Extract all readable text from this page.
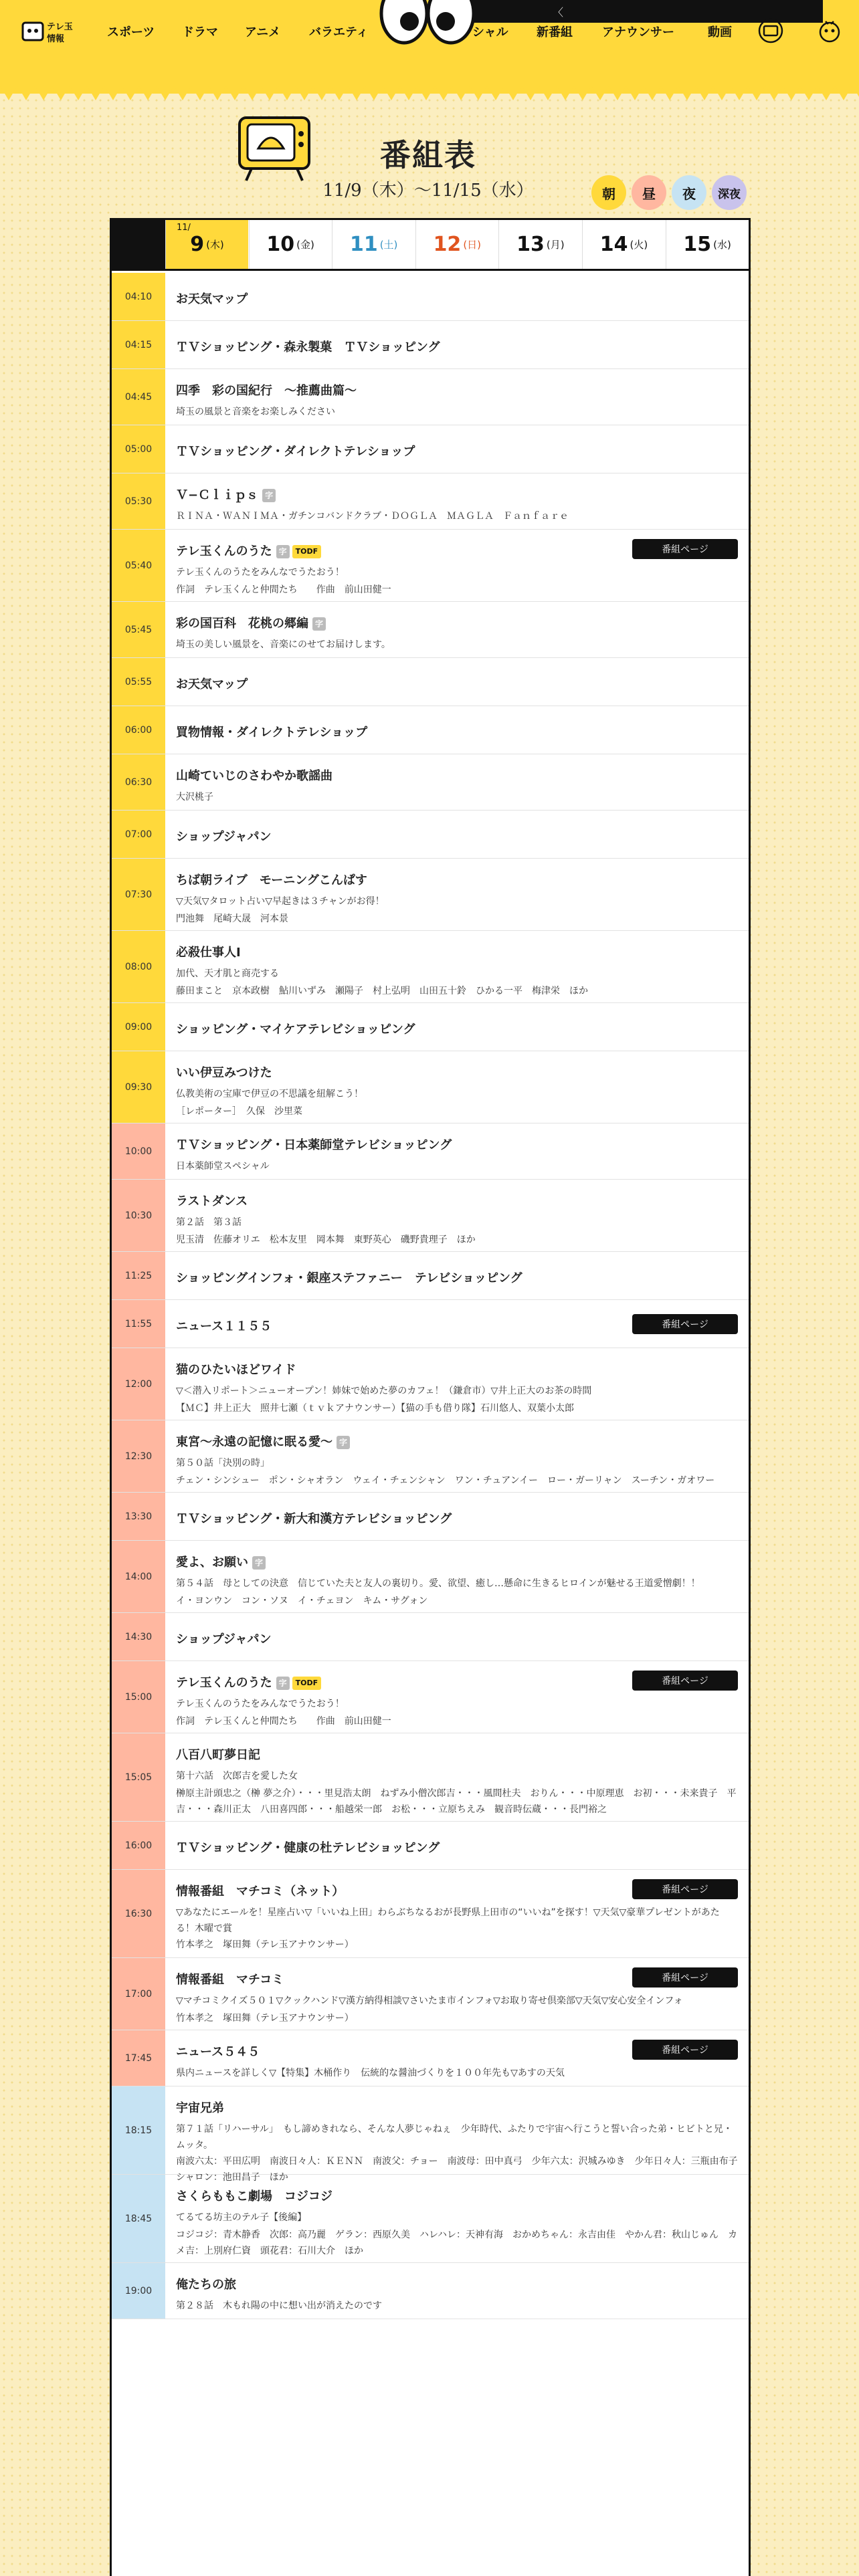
テレ玉
情報	スポーツ ドラマ アニメ バラエティ	シャル 新番組 アナウンサー	動画
〈
番組表
11/9（木）〜11/15（水）	朝	昼	夜	深夜
11/
9 (木) 10 (金) 11 (土) 12 (日) 13 (月) 14 (火) 15 (水)
04:10	お天気マップ
04:15	ＴＶショッピング・森永製菓　ＴＶショッピング
04:45	四季　彩の国紀行　〜推薦曲篇〜
埼玉の風景と音楽をお楽しみください
05:00	ＴＶショッピング・ダイレクトテレショップ
05:30	Ｖ−Ｃｌｉｐｓ 字
ＲＩＮＡ・ＷＡＮＩＭＡ・ガチンコバンドクラブ・ＤＯＧＬＡ　ＭＡＧＬＡ　Ｆａｎｆａｒｅ
05:40
テレ玉くんのうた 字 TODF	番組ページ
テレ玉くんのうたをみんなでうたおう！
作詞　テレ玉くんと仲間たち　　作曲　前山田健一
05:45	彩の国百科　花桃の郷編 字
埼玉の美しい風景を、音楽にのせてお届けします。
05:55	お天気マップ
06:00	買物情報・ダイレクトテレショップ
06:30	山崎ていじのさわやか歌謡曲
大沢桃子
07:00	ショップジャパン
07:30
ちば朝ライブ　モーニングこんぱす
▽天気▽タロット占い▽早起きは３チャンがお得！
門池舞　尾崎大晟　河本景
08:00
必殺仕事人Ⅰ
加代、天才肌と商売する
藤田まこと　京本政樹　鮎川いずみ　瀬陽子　村上弘明　山田五十鈴　ひかる一平　梅津栄　ほか
09:00	ショッピング・マイケアテレビショッピング
09:30
いい伊豆みつけた
仏教美術の宝庫で伊豆の不思議を紐解こう！
［レポーター］　久保　沙里菜
10:00	ＴＶショッピング・日本薬師堂テレビショッピング
日本薬師堂スペシャル
10:30
ラストダンス
第２話　第３話
児玉清　佐藤オリエ　松本友里　岡本舞　東野英心　磯野貴理子　ほか
11:25	ショッピングインフォ・銀座ステファニー　テレビショッピング
11:55	ニュース１１５５	番組ページ
12:00
猫のひたいほどワイド
▽＜潜入リポート＞ニューオープン！姉妹で始めた夢のカフェ！（鎌倉市）▽井上正大のお茶の時間
【ＭＣ】井上正大　照井七瀬（ｔｖｋアナウンサー）【猫の手も借り隊】石川悠人、双葉小太郎
12:30
東宮〜永遠の記憶に眠る愛〜 字
第５０話「決別の時」
チェン・シンシュー　ポン・シャオラン　ウェイ・チェンシャン　ワン・チュアンイー　ロー・ガーリャン　スーチン・ガオワー
13:30	ＴＶショッピング・新大和漢方テレビショッピング
14:00
愛よ、お願い 字
第５４話　母としての決意　信じていた夫と友人の裏切り。愛、欲望、癒し…懸命に生きるヒロインが魅せる王道愛憎劇！！
イ・ヨンウン　コン・ソヌ　イ・チェヨン　キム・サグォン
14:30	ショップジャパン
15:00
テレ玉くんのうた 字 TODF	番組ページ
テレ玉くんのうたをみんなでうたおう！
作詞　テレ玉くんと仲間たち　　作曲　前山田健一
15:05
八百八町夢日記
第十六話　次郎吉を愛した女
榊原主計頭忠之（榊 夢之介）・・・里見浩太朗　ねずみ小僧次郎吉・・・風間杜夫　おりん・・・中原理恵　お初・・・未来貴子　平吉・・・森川正太　八田喜四郎・・・船越栄一郎　お松・・・立原ちえみ　観音時伝蔵・・・長門裕之
16:00	ＴＶショッピング・健康の杜テレビショッピング
16:30
情報番組　マチコミ（ネット）	番組ページ
▽あなたにエールを！星座占い▽「いいね上田」わらぶちなるおが長野県上田市の“いいね”を探す！▽天気▽豪華プレゼントがあたる！木曜で賞
竹本孝之　塚田舞（テレ玉アナウンサー）
17:00
情報番組　マチコミ	番組ページ
▽マチコミクイズ５０１▽クックハンド▽漢方納得相談▽さいたま市インフォ▽お取り寄せ倶楽部▽天気▽安心安全インフォ
竹本孝之　塚田舞（テレ玉アナウンサー）
17:45	ニュース５４５	番組ページ
県内ニュースを詳しく▽【特集】木桶作り　伝統的な醤油づくりを１００年先も▽あすの天気
18:15
宇宙兄弟
第７１話「リハーサル」　もし諦めきれなら、そんな人夢じゃねぇ　少年時代、ふたりで宇宙へ行こうと誓い合った弟・ヒビトと兄・ムッタ。
南波六太：平田広明　南波日々人：ＫＥＮＮ　南波父：チョー　南波母：田中真弓　少年六太：沢城みゆき　少年日々人：三瓶由布子　シャロン：池田昌子　ほか
18:45
さくらももこ劇場　コジコジ
てるてる坊主のテル子【後編】
コジコジ：青木静香　次郎：高乃麗　ゲラン：西原久美　ハレハレ：天神有海　おかめちゃん：永吉由佳　やかん君：秋山じゅん　カメ吉：上別府仁資　頭花君：石川大介　ほか
19:00	俺たちの旅
第２８話　木もれ陽の中に想い出が消えたのです
